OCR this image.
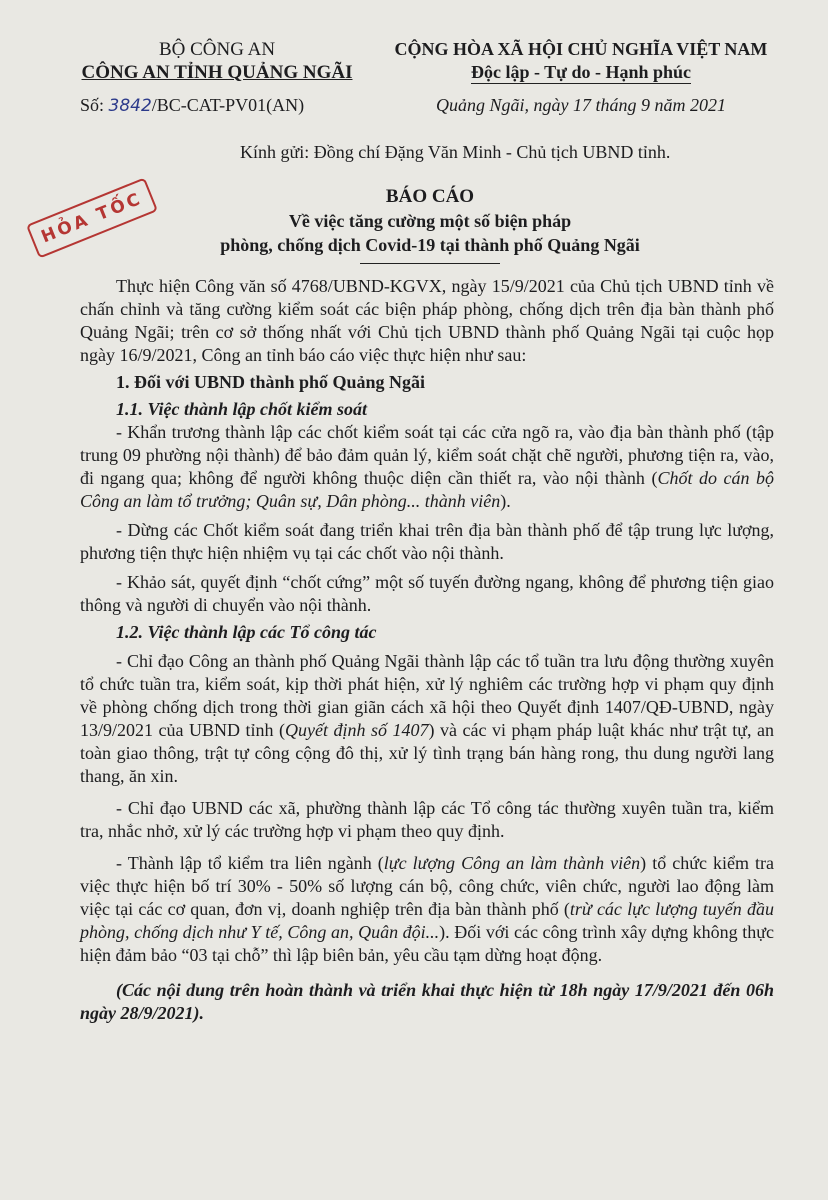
BỘ CÔNG AN
CÔNG AN TỈNH QUẢNG NGÃI
Số: 3842/BC-CAT-PV01(AN)
CỘNG HÒA XÃ HỘI CHỦ NGHĨA VIỆT NAM
Độc lập - Tự do - Hạnh phúc
Quảng Ngãi, ngày 17 tháng 9 năm 2021
Kính gửi: Đồng chí Đặng Văn Minh - Chủ tịch UBND tỉnh.
HỎA TỐC	BÁO CÁO
Về việc tăng cường một số biện pháp
phòng, chống dịch Covid-19 tại thành phố Quảng Ngãi

Thực hiện Công văn số 4768/UBND-KGVX, ngày 15/9/2021 của Chủ tịch UBND tỉnh về chấn chỉnh và tăng cường kiểm soát các biện pháp phòng, chống dịch trên địa bàn thành phố Quảng Ngãi; trên cơ sở thống nhất với Chủ tịch UBND thành phố Quảng Ngãi tại cuộc họp ngày 16/9/2021, Công an tỉnh báo cáo việc thực hiện như sau:

1. Đối với UBND thành phố Quảng Ngãi

1.1. Việc thành lập chốt kiểm soát

- Khẩn trương thành lập các chốt kiểm soát tại các cửa ngõ ra, vào địa bàn thành phố (tập trung 09 phường nội thành) để bảo đảm quản lý, kiểm soát chặt chẽ người, phương tiện ra, vào, đi ngang qua; không để người không thuộc diện cần thiết ra, vào nội thành (Chốt do cán bộ Công an làm tổ trưởng; Quân sự, Dân phòng... thành viên).

- Dừng các Chốt kiểm soát đang triển khai trên địa bàn thành phố để tập trung lực lượng, phương tiện thực hiện nhiệm vụ tại các chốt vào nội thành.

- Khảo sát, quyết định “chốt cứng” một số tuyến đường ngang, không để phương tiện giao thông và người di chuyển vào nội thành.

1.2. Việc thành lập các Tổ công tác

- Chỉ đạo Công an thành phố Quảng Ngãi thành lập các tổ tuần tra lưu động thường xuyên tổ chức tuần tra, kiểm soát, kịp thời phát hiện, xử lý nghiêm các trường hợp vi phạm quy định về phòng chống dịch trong thời gian giãn cách xã hội theo Quyết định 1407/QĐ-UBND, ngày 13/9/2021 của UBND tỉnh (Quyết định số 1407) và các vi phạm pháp luật khác như trật tự, an toàn giao thông, trật tự công cộng đô thị, xử lý tình trạng bán hàng rong, thu dung người lang thang, ăn xin.

- Chỉ đạo UBND các xã, phường thành lập các Tổ công tác thường xuyên tuần tra, kiểm tra, nhắc nhở, xử lý các trường hợp vi phạm theo quy định.

- Thành lập tổ kiểm tra liên ngành (lực lượng Công an làm thành viên) tổ chức kiểm tra việc thực hiện bố trí 30% - 50% số lượng cán bộ, công chức, viên chức, người lao động làm việc tại các cơ quan, đơn vị, doanh nghiệp trên địa bàn thành phố (trừ các lực lượng tuyến đầu phòng, chống dịch như Y tế, Công an, Quân đội...). Đối với các công trình xây dựng không thực hiện đảm bảo “03 tại chỗ” thì lập biên bản, yêu cầu tạm dừng hoạt động.

(Các nội dung trên hoàn thành và triển khai thực hiện từ 18h ngày 17/9/2021 đến 06h ngày 28/9/2021).
